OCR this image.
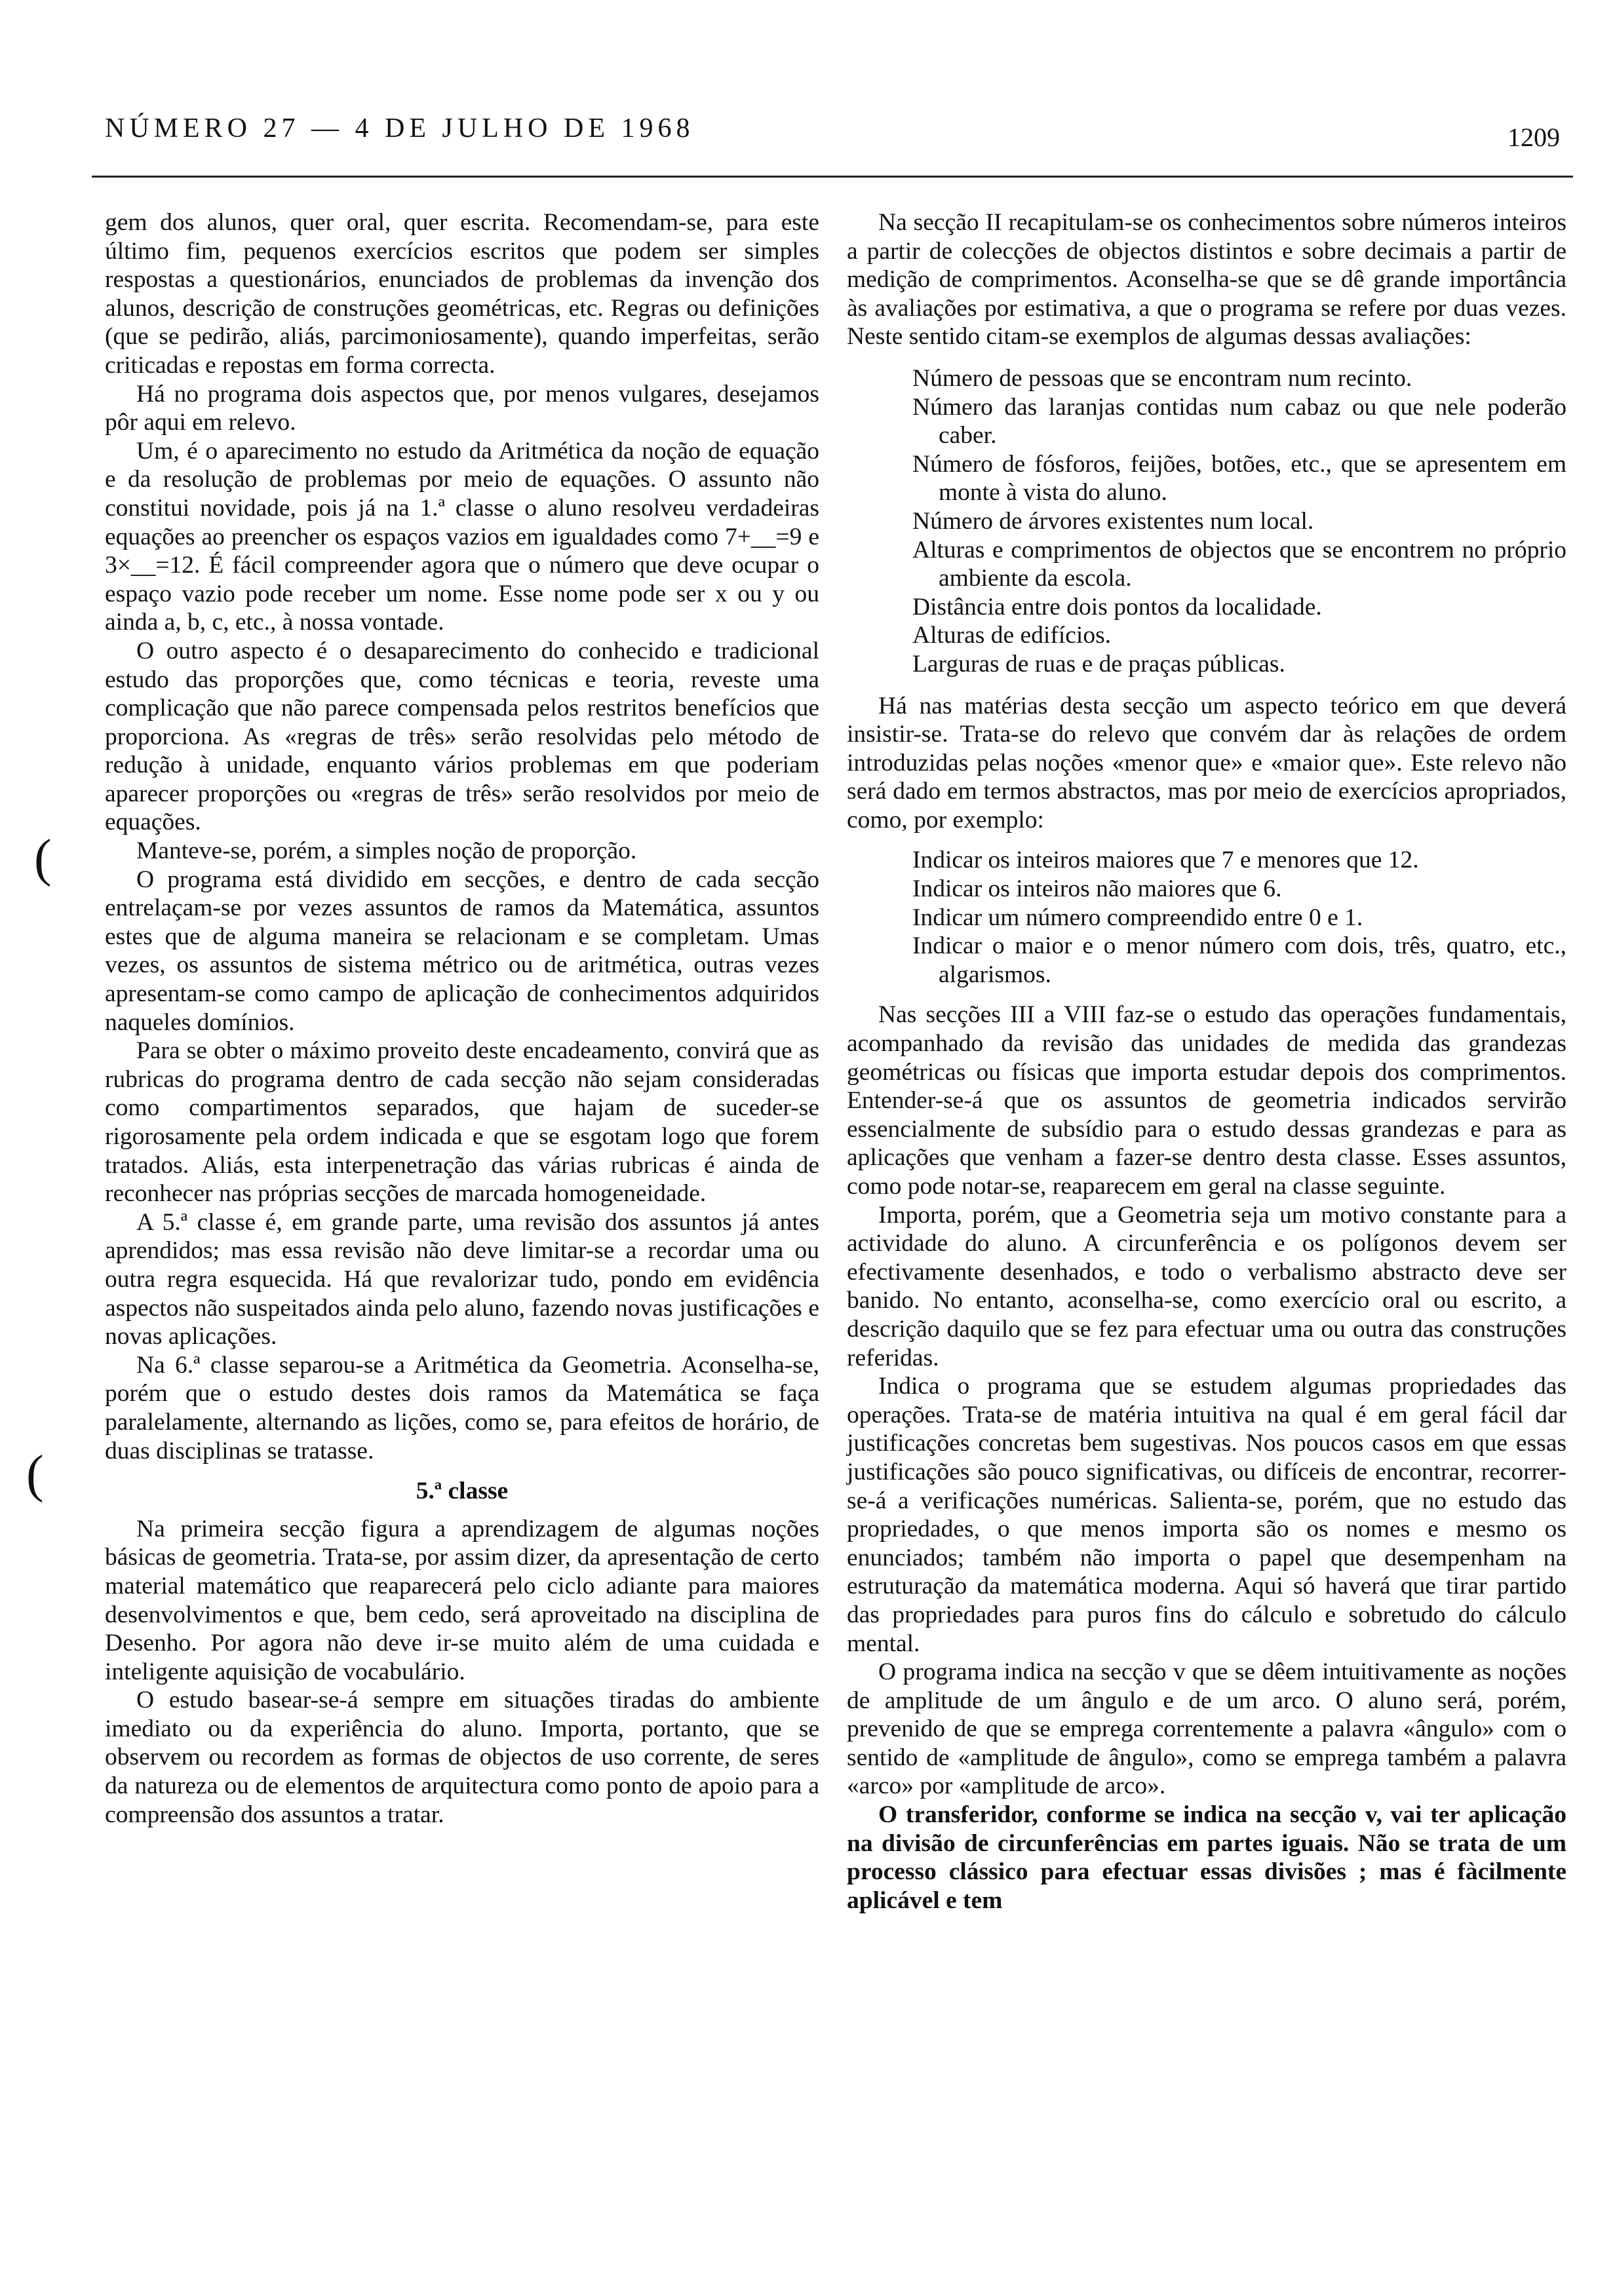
NÚMERO 27 — 4 DE JULHO DE 1968	1209
(
(

gem dos alunos, quer oral, quer escrita. Recomendam-se, para este último fim, pequenos exercícios escritos que podem ser simples respostas a questionários, enunciados de problemas da invenção dos alunos, descrição de construções geométricas, etc. Regras ou definições (que se pedirão, aliás, parcimoniosamente), quando imperfeitas, serão criticadas e repostas em forma correcta.

Há no programa dois aspectos que, por menos vulgares, desejamos pôr aqui em relevo.

Um, é o aparecimento no estudo da Aritmética da noção de equação e da resolução de problemas por meio de equações. O assunto não constitui novidade, pois já na 1.ª classe o aluno resolveu verdadeiras equações ao preencher os espaços vazios em igualdades como 7+__=9 e 3×__=12. É fácil compreender agora que o número que deve ocupar o espaço vazio pode receber um nome. Esse nome pode ser x ou y ou ainda a, b, c, etc., à nossa vontade.

O outro aspecto é o desaparecimento do conhecido e tradicional estudo das proporções que, como técnicas e teoria, reveste uma complicação que não parece compensada pelos restritos benefícios que proporciona. As «regras de três» serão resolvidas pelo método de redução à unidade, enquanto vários problemas em que poderiam aparecer proporções ou «regras de três» serão resolvidos por meio de equações.

Manteve-se, porém, a simples noção de proporção.

O programa está dividido em secções, e dentro de cada secção entrelaçam-se por vezes assuntos de ramos da Matemática, assuntos estes que de alguma maneira se relacionam e se completam. Umas vezes, os assuntos de sistema métrico ou de aritmética, outras vezes apresentam-se como campo de aplicação de conhecimentos adquiridos naqueles domínios.

Para se obter o máximo proveito deste encadeamento, convirá que as rubricas do programa dentro de cada secção não sejam consideradas como compartimentos separados, que hajam de suceder-se rigorosamente pela ordem indicada e que se esgotam logo que forem tratados. Aliás, esta interpenetração das várias rubricas é ainda de reconhecer nas próprias secções de marcada homogeneidade.

A 5.ª classe é, em grande parte, uma revisão dos assuntos já antes aprendidos; mas essa revisão não deve limitar-se a recordar uma ou outra regra esquecida. Há que revalorizar tudo, pondo em evidência aspectos não suspeitados ainda pelo aluno, fazendo novas justificações e novas aplicações.

Na 6.ª classe separou-se a Aritmética da Geometria. Aconselha-se, porém que o estudo destes dois ramos da Matemática se faça paralelamente, alternando as lições, como se, para efeitos de horário, de duas disciplinas se tratasse.

5.ª classe

Na primeira secção figura a aprendizagem de algumas noções básicas de geometria. Trata-se, por assim dizer, da apresentação de certo material matemático que reaparecerá pelo ciclo adiante para maiores desenvolvimentos e que, bem cedo, será aproveitado na disciplina de Desenho. Por agora não deve ir-se muito além de uma cuidada e inteligente aquisição de vocabulário.

O estudo basear-se-á sempre em situações tiradas do ambiente imediato ou da experiência do aluno. Importa, portanto, que se observem ou recordem as formas de objectos de uso corrente, de seres da natureza ou de elementos de arquitectura como ponto de apoio para a compreensão dos assuntos a tratar.

Na secção II recapitulam-se os conhecimentos sobre números inteiros a partir de colecções de objectos distintos e sobre decimais a partir de medição de comprimentos. Aconselha-se que se dê grande importância às avaliações por estimativa, a que o programa se refere por duas vezes. Neste sentido citam-se exemplos de algumas dessas avaliações:

Número de pessoas que se encontram num recinto.
Número das laranjas contidas num cabaz ou que nele poderão caber.
Número de fósforos, feijões, botões, etc., que se apresentem em monte à vista do aluno.
Número de árvores existentes num local.
Alturas e comprimentos de objectos que se encontrem no próprio ambiente da escola.
Distância entre dois pontos da localidade.
Alturas de edifícios.
Larguras de ruas e de praças públicas.

Há nas matérias desta secção um aspecto teórico em que deverá insistir-se. Trata-se do relevo que convém dar às relações de ordem introduzidas pelas noções «menor que» e «maior que». Este relevo não será dado em termos abstractos, mas por meio de exercícios apropriados, como, por exemplo:

Indicar os inteiros maiores que 7 e menores que 12.
Indicar os inteiros não maiores que 6.
Indicar um número compreendido entre 0 e 1.
Indicar o maior e o menor número com dois, três, quatro, etc., algarismos.

Nas secções III a VIII faz-se o estudo das operações fundamentais, acompanhado da revisão das unidades de medida das grandezas geométricas ou físicas que importa estudar depois dos comprimentos. Entender-se-á que os assuntos de geometria indicados servirão essencialmente de subsídio para o estudo dessas grandezas e para as aplicações que venham a fazer-se dentro desta classe. Esses assuntos, como pode notar-se, reaparecem em geral na classe seguinte.

Importa, porém, que a Geometria seja um motivo constante para a actividade do aluno. A circunferência e os polígonos devem ser efectivamente desenhados, e todo o verbalismo abstracto deve ser banido. No entanto, aconselha-se, como exercício oral ou escrito, a descrição daquilo que se fez para efectuar uma ou outra das construções referidas.

Indica o programa que se estudem algumas propriedades das operações. Trata-se de matéria intuitiva na qual é em geral fácil dar justificações concretas bem sugestivas. Nos poucos casos em que essas justificações são pouco significativas, ou difíceis de encontrar, recorrer-se-á a verificações numéricas. Salienta-se, porém, que no estudo das propriedades, o que menos importa são os nomes e mesmo os enunciados; também não importa o papel que desempenham na estruturação da matemática moderna. Aqui só haverá que tirar partido das propriedades para puros fins do cálculo e sobretudo do cálculo mental.

O programa indica na secção v que se dêem intuitivamente as noções de amplitude de um ângulo e de um arco. O aluno será, porém, prevenido de que se emprega correntemente a palavra «ângulo» com o sentido de «amplitude de ângulo», como se emprega também a palavra «arco» por «amplitude de arco».

O transferidor, conforme se indica na secção v, vai ter aplicação na divisão de circunferências em partes iguais. Não se trata de um processo clássico para efectuar essas divisões ; mas é fàcilmente aplicável e tem
